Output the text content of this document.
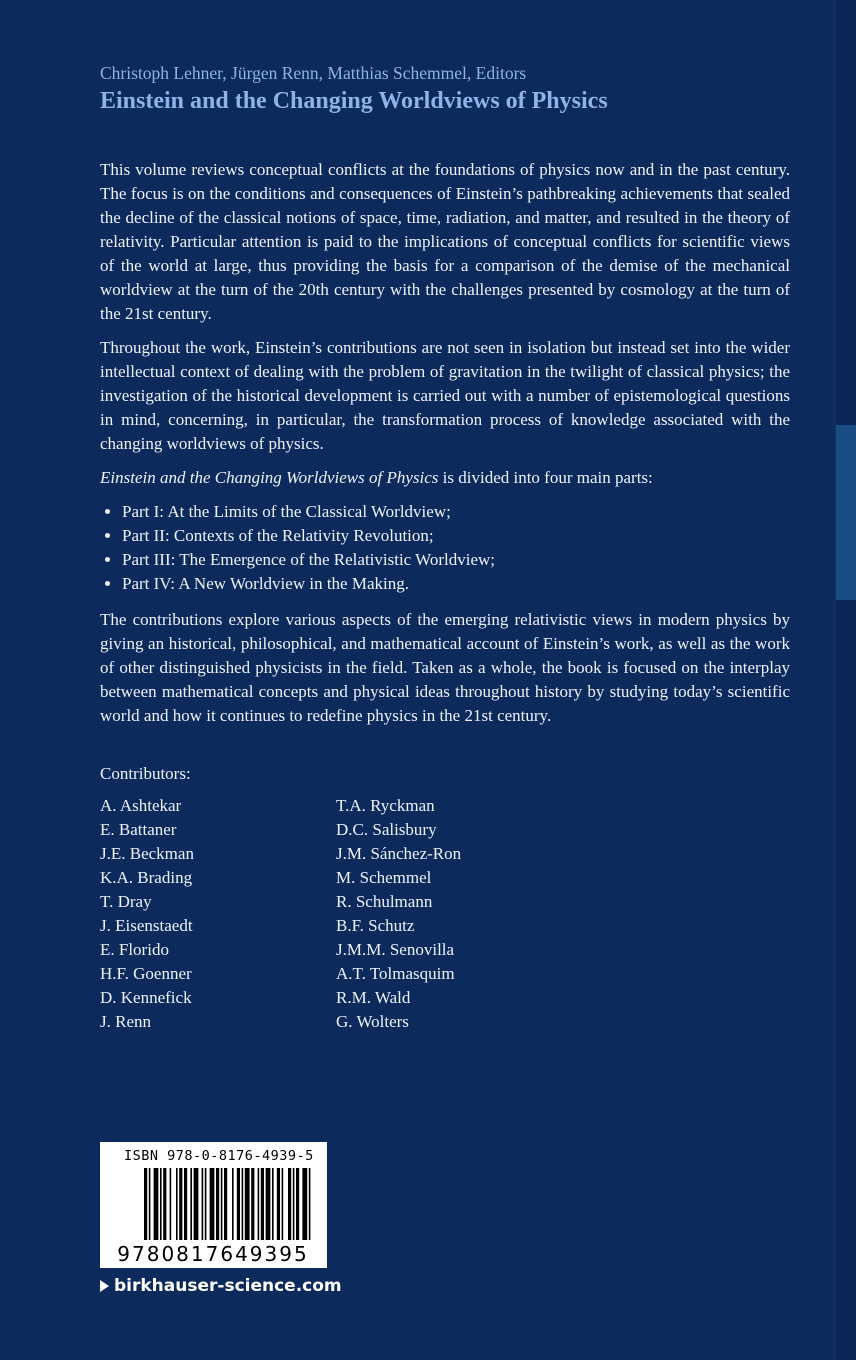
Christoph Lehner, Jürgen Renn, Matthias Schemmel, Editors

Einstein and the Changing Worldviews of Physics

This volume reviews conceptual conflicts at the foundations of physics now and in the past century. The focus is on the conditions and consequences of Einstein’s pathbreaking achievements that sealed the decline of the classical notions of space, time, radiation, and matter, and resulted in the theory of relativity. Particular attention is paid to the implications of conceptual conflicts for scientific views of the world at large, thus providing the basis for a comparison of the demise of the mechanical worldview at the turn of the 20th century with the challenges presented by cosmology at the turn of the 21st century.

Throughout the work, Einstein’s contributions are not seen in isolation but instead set into the wider intellectual context of dealing with the problem of gravitation in the twilight of classical physics; the investigation of the historical development is carried out with a number of epistemological questions in mind, concerning, in particular, the transformation process of knowledge associated with the changing worldviews of physics.

Einstein and the Changing Worldviews of Physics is divided into four main parts:

• Part I: At the Limits of the Classical Worldview;
• Part II: Contexts of the Relativity Revolution;
• Part III: The Emergence of the Relativistic Worldview;
• Part IV: A New Worldview in the Making.

The contributions explore various aspects of the emerging relativistic views in modern physics by giving an historical, philosophical, and mathematical account of Einstein’s work, as well as the work of other distinguished physicists in the field. Taken as a whole, the book is focused on the interplay between mathematical concepts and physical ideas throughout history by studying today’s scientific world and how it continues to redefine physics in the 21st century.

Contributors:
A. Ashtekar
E. Battaner
J.E. Beckman
K.A. Brading
T. Dray
J. Eisenstaedt
E. Florido
H.F. Goenner
D. Kennefick
J. Renn
T.A. Ryckman
D.C. Salisbury
J.M. Sánchez-Ron
M. Schemmel
R. Schulmann
B.F. Schutz
J.M.M. Senovilla
A.T. Tolmasquim
R.M. Wald
G. Wolters
ISBN 978-0-8176-4939-5
9780817649395
birkhauser-science.com
